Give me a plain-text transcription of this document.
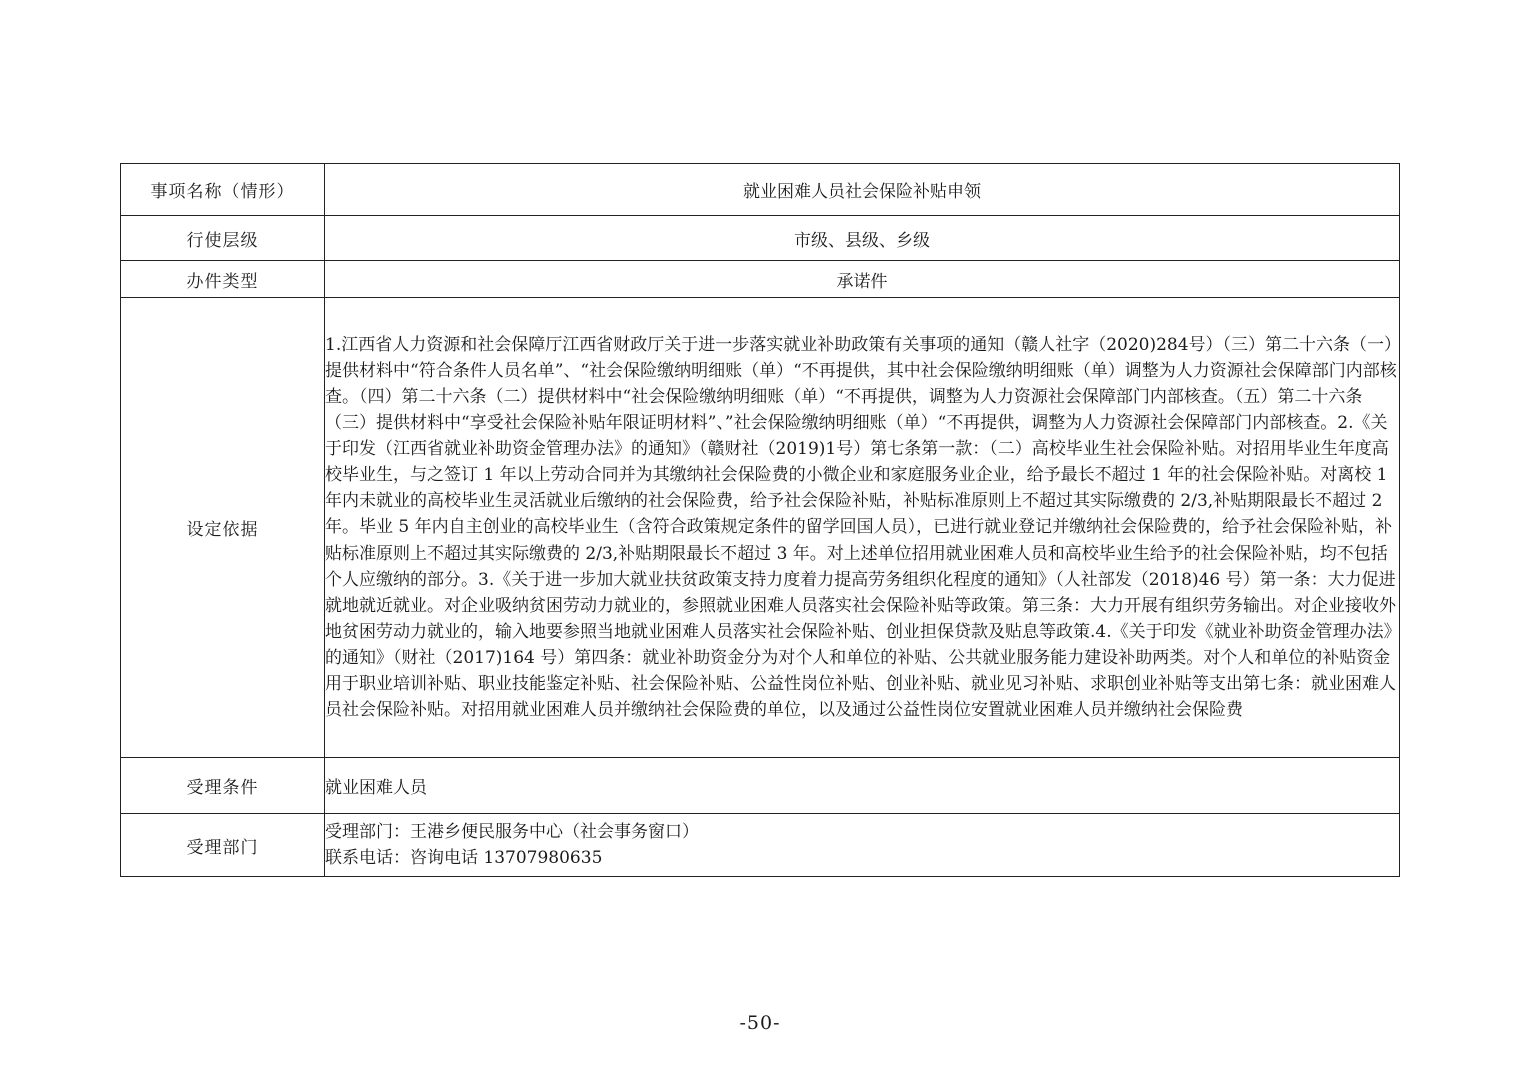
事项名称（情形）	就业困难人员社会保险补贴申领
行使层级	市级、县级、乡级
办件类型	承诺件
设定依据	1.江西省人力资源和社会保障厅江西省财政厅关于进一步落实就业补助政策有关事项的通知（赣人社字（2020)284号）（三）第二十六条（一）提供材料中“符合条件人员名单”、“社会保险缴纳明细账（单）“不再提供，其中社会保险缴纳明细账（单）调整为人力资源社会保障部门内部核查。（四）第二十六条（二）提供材料中“社会保险缴纳明细账（单）“不再提供，调整为人力资源社会保障部门内部核查。（五）第二十六条（三）提供材料中“享受社会保险补贴年限证明材料”、”社会保险缴纳明细账（单）“不再提供，调整为人力资源社会保障部门内部核查。2.《关于印发（江西省就业补助资金管理办法》的通知》（赣财社（2019)1号）第七条第一款：（二）高校毕业生社会保险补贴。对招用毕业生年度高校毕业生，与之签订 1 年以上劳动合同并为其缴纳社会保险费的小微企业和家庭服务业企业，给予最长不超过 1 年的社会保险补贴。对离校 1 年内未就业的高校毕业生灵活就业后缴纳的社会保险费，给予社会保险补贴，补贴标准原则上不超过其实际缴费的 2/3,补贴期限最长不超过 2 年。毕业 5 年内自主创业的高校毕业生（含符合政策规定条件的留学回国人员），已进行就业登记并缴纳社会保险费的，给予社会保险补贴，补贴标准原则上不超过其实际缴费的 2/3,补贴期限最长不超过 3 年。对上述单位招用就业困难人员和高校毕业生给予的社会保险补贴，均不包括个人应缴纳的部分。3.《关于进一步加大就业扶贫政策支持力度着力提高劳务组织化程度的通知》（人社部发（2018)46 号）第一条：大力促进就地就近就业。对企业吸纳贫困劳动力就业的，参照就业困难人员落实社会保险补贴等政策。第三条：大力开展有组织劳务输出。对企业接收外地贫困劳动力就业的，输入地要参照当地就业困难人员落实社会保险补贴、创业担保贷款及贴息等政策.4.《关于印发《就业补助资金管理办法》的通知》（财社（2017)164 号）第四条：就业补助资金分为对个人和单位的补贴、公共就业服务能力建设补助两类。对个人和单位的补贴资金用于职业培训补贴、职业技能鉴定补贴、社会保险补贴、公益性岗位补贴、创业补贴、就业见习补贴、求职创业补贴等支出第七条：就业困难人员社会保险补贴。对招用就业困难人员并缴纳社会保险费的单位，以及通过公益性岗位安置就业困难人员并缴纳社会保险费
受理条件	就业困难人员
受理部门	受理部门：王港乡便民服务中心（社会事务窗口）
联系电话：咨询电话 13707980635
-50-
